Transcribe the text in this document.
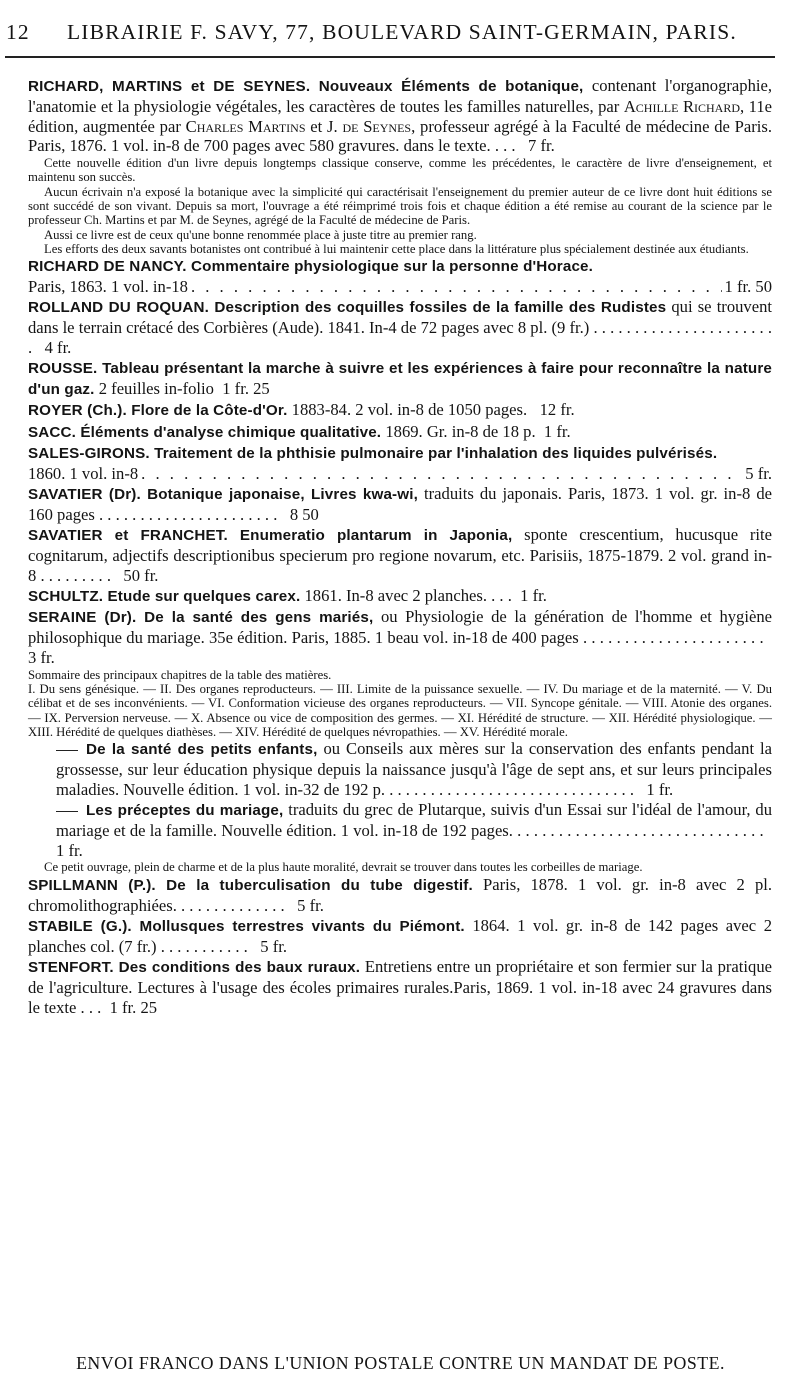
12 LIBRAIRIE F. SAVY, 77, BOULEVARD SAINT-GERMAIN, PARIS.

RICHARD, MARTINS et DE SEYNES. Nouveaux Éléments de botanique, contenant l'organographie, l'anatomie et la physiologie végétales, les caractères de toutes les familles naturelles, par Achille Richard, 11e édition, augmentée par Charles Martins et J. de Seynes, professeur agrégé à la Faculté de médecine de Paris. Paris, 1876. 1 vol. in-8 de 700 pages avec 580 gravures. dans le texte. . . .   7 fr.

Cette nouvelle édition d'un livre depuis longtemps classique conserve, comme les précédentes, le caractère de livre d'enseignement, et maintenu son succès.

Aucun écrivain n'a exposé la botanique avec la simplicité qui caractérisait l'enseignement du premier auteur de ce livre dont huit éditions se sont succédé de son vivant. Depuis sa mort, l'ouvrage a été réimprimé trois fois et chaque édition a été remise au courant de la science par le professeur Ch. Martins et par M. de Seynes, agrégé de la Faculté de médecine de Paris.

Aussi ce livre est de ceux qu'une bonne renommée place à juste titre au premier rang.

Les efforts des deux savants botanistes ont contribué à lui maintenir cette place dans la littérature plus spécialement destinée aux étudiants.

RICHARD DE NANCY. Commentaire physiologique sur la personne d'Horace.
Paris, 1863. 1 vol. in-18 . . .	1 fr. 50

ROLLAND DU ROQUAN. Description des coquilles fossiles de la famille des Rudistes qui se trouvent dans le terrain crétacé des Corbières (Aude). 1841. In-4 de 72 pages avec 8 pl. (9 fr.) . . . . . . . . . . . . . . . . . . . . . . .   4 fr.

ROUSSE. Tableau présentant la marche à suivre et les expériences à faire pour reconnaître la nature d'un gaz. 2 feuilles in-folio 1 fr. 25

ROYER (Ch.). Flore de la Côte-d'Or. 1883-84. 2 vol. in-8 de 1050 pages. 12 fr.

SACC. Éléments d'analyse chimique qualitative. 1869. Gr. in-8 de 18 p. 1 fr.

SALES-GIRONS. Traitement de la phthisie pulmonaire par l'inhalation des liquides pulvérisés.
1860. 1 vol. in-8 . . .	5 fr.

SAVATIER (Dr). Botanique japonaise, Livres kwa-wi, traduits du japonais. Paris, 1873. 1 vol. gr. in-8 de 160 pages . . . . . . . . . . . . . . . . . . . . . .   8 50

SAVATIER et FRANCHET. Enumeratio plantarum in Japonia, sponte crescentium, hucusque rite cognitarum, adjectifs descriptionibus specierum pro regione novarum, etc. Parisiis, 1875-1879. 2 vol. grand in-8 . . . . . . . . .   50 fr.

SCHULTZ. Etude sur quelques carex. 1861. In-8 avec 2 planches. . . .  1 fr.

SERAINE (Dr). De la santé des gens mariés, ou Physiologie de la génération de l'homme et hygiène philosophique du mariage. 35e édition. Paris, 1885. 1 beau vol. in-18 de 400 pages . . . . . . . . . . . . . . . . . . . . . .   3 fr.

Sommaire des principaux chapitres de la table des matières.

I. Du sens génésique. — II. Des organes reproducteurs. — III. Limite de la puissance sexuelle. — IV. Du mariage et de la maternité. — V. Du célibat et de ses inconvénients. — VI. Conformation vicieuse des organes reproducteurs. — VII. Syncope génitale. — VIII. Atonie des organes. — IX. Perversion nerveuse. — X. Absence ou vice de composition des germes. — XI. Hérédité de structure. — XII. Hérédité physiologique. — XIII. Hérédité de quelques diathèses. — XIV. Hérédité de quelques névropathies. — XV. Hérédité morale.

De la santé des petits enfants, ou Conseils aux mères sur la conservation des enfants pendant la grossesse, sur leur éducation physique depuis la naissance jusqu'à l'âge de sept ans, et sur leurs principales maladies. Nouvelle édition. 1 vol. in-32 de 192 p. . . . . . . . . . . . . . . . . . . . . . . . . . . . . . .   1 fr.

Les préceptes du mariage, traduits du grec de Plutarque, suivis d'un Essai sur l'idéal de l'amour, du mariage et de la famille. Nouvelle édition. 1 vol. in-18 de 192 pages. . . . . . . . . . . . . . . . . . . . . . . . . . . . . . .   1 fr.

Ce petit ouvrage, plein de charme et de la plus haute moralité, devrait se trouver dans toutes les corbeilles de mariage.

SPILLMANN (P.). De la tuberculisation du tube digestif. Paris, 1878. 1 vol. gr. in-8 avec 2 pl. chromolithographiées. . . . . . . . . . . . . .   5 fr.

STABILE (G.). Mollusques terrestres vivants du Piémont. 1864. 1 vol. gr. in-8 de 142 pages avec 2 planches col. (7 fr.) . . . . . . . . . . .   5 fr.

STENFORT. Des conditions des baux ruraux. Entretiens entre un propriétaire et son fermier sur la pratique de l'agriculture. Lectures à l'usage des écoles primaires rurales.Paris, 1869. 1 vol. in-18 avec 24 gravures dans le texte . . .  1 fr. 25

ENVOI FRANCO DANS L'UNION POSTALE CONTRE UN MANDAT DE POSTE.
